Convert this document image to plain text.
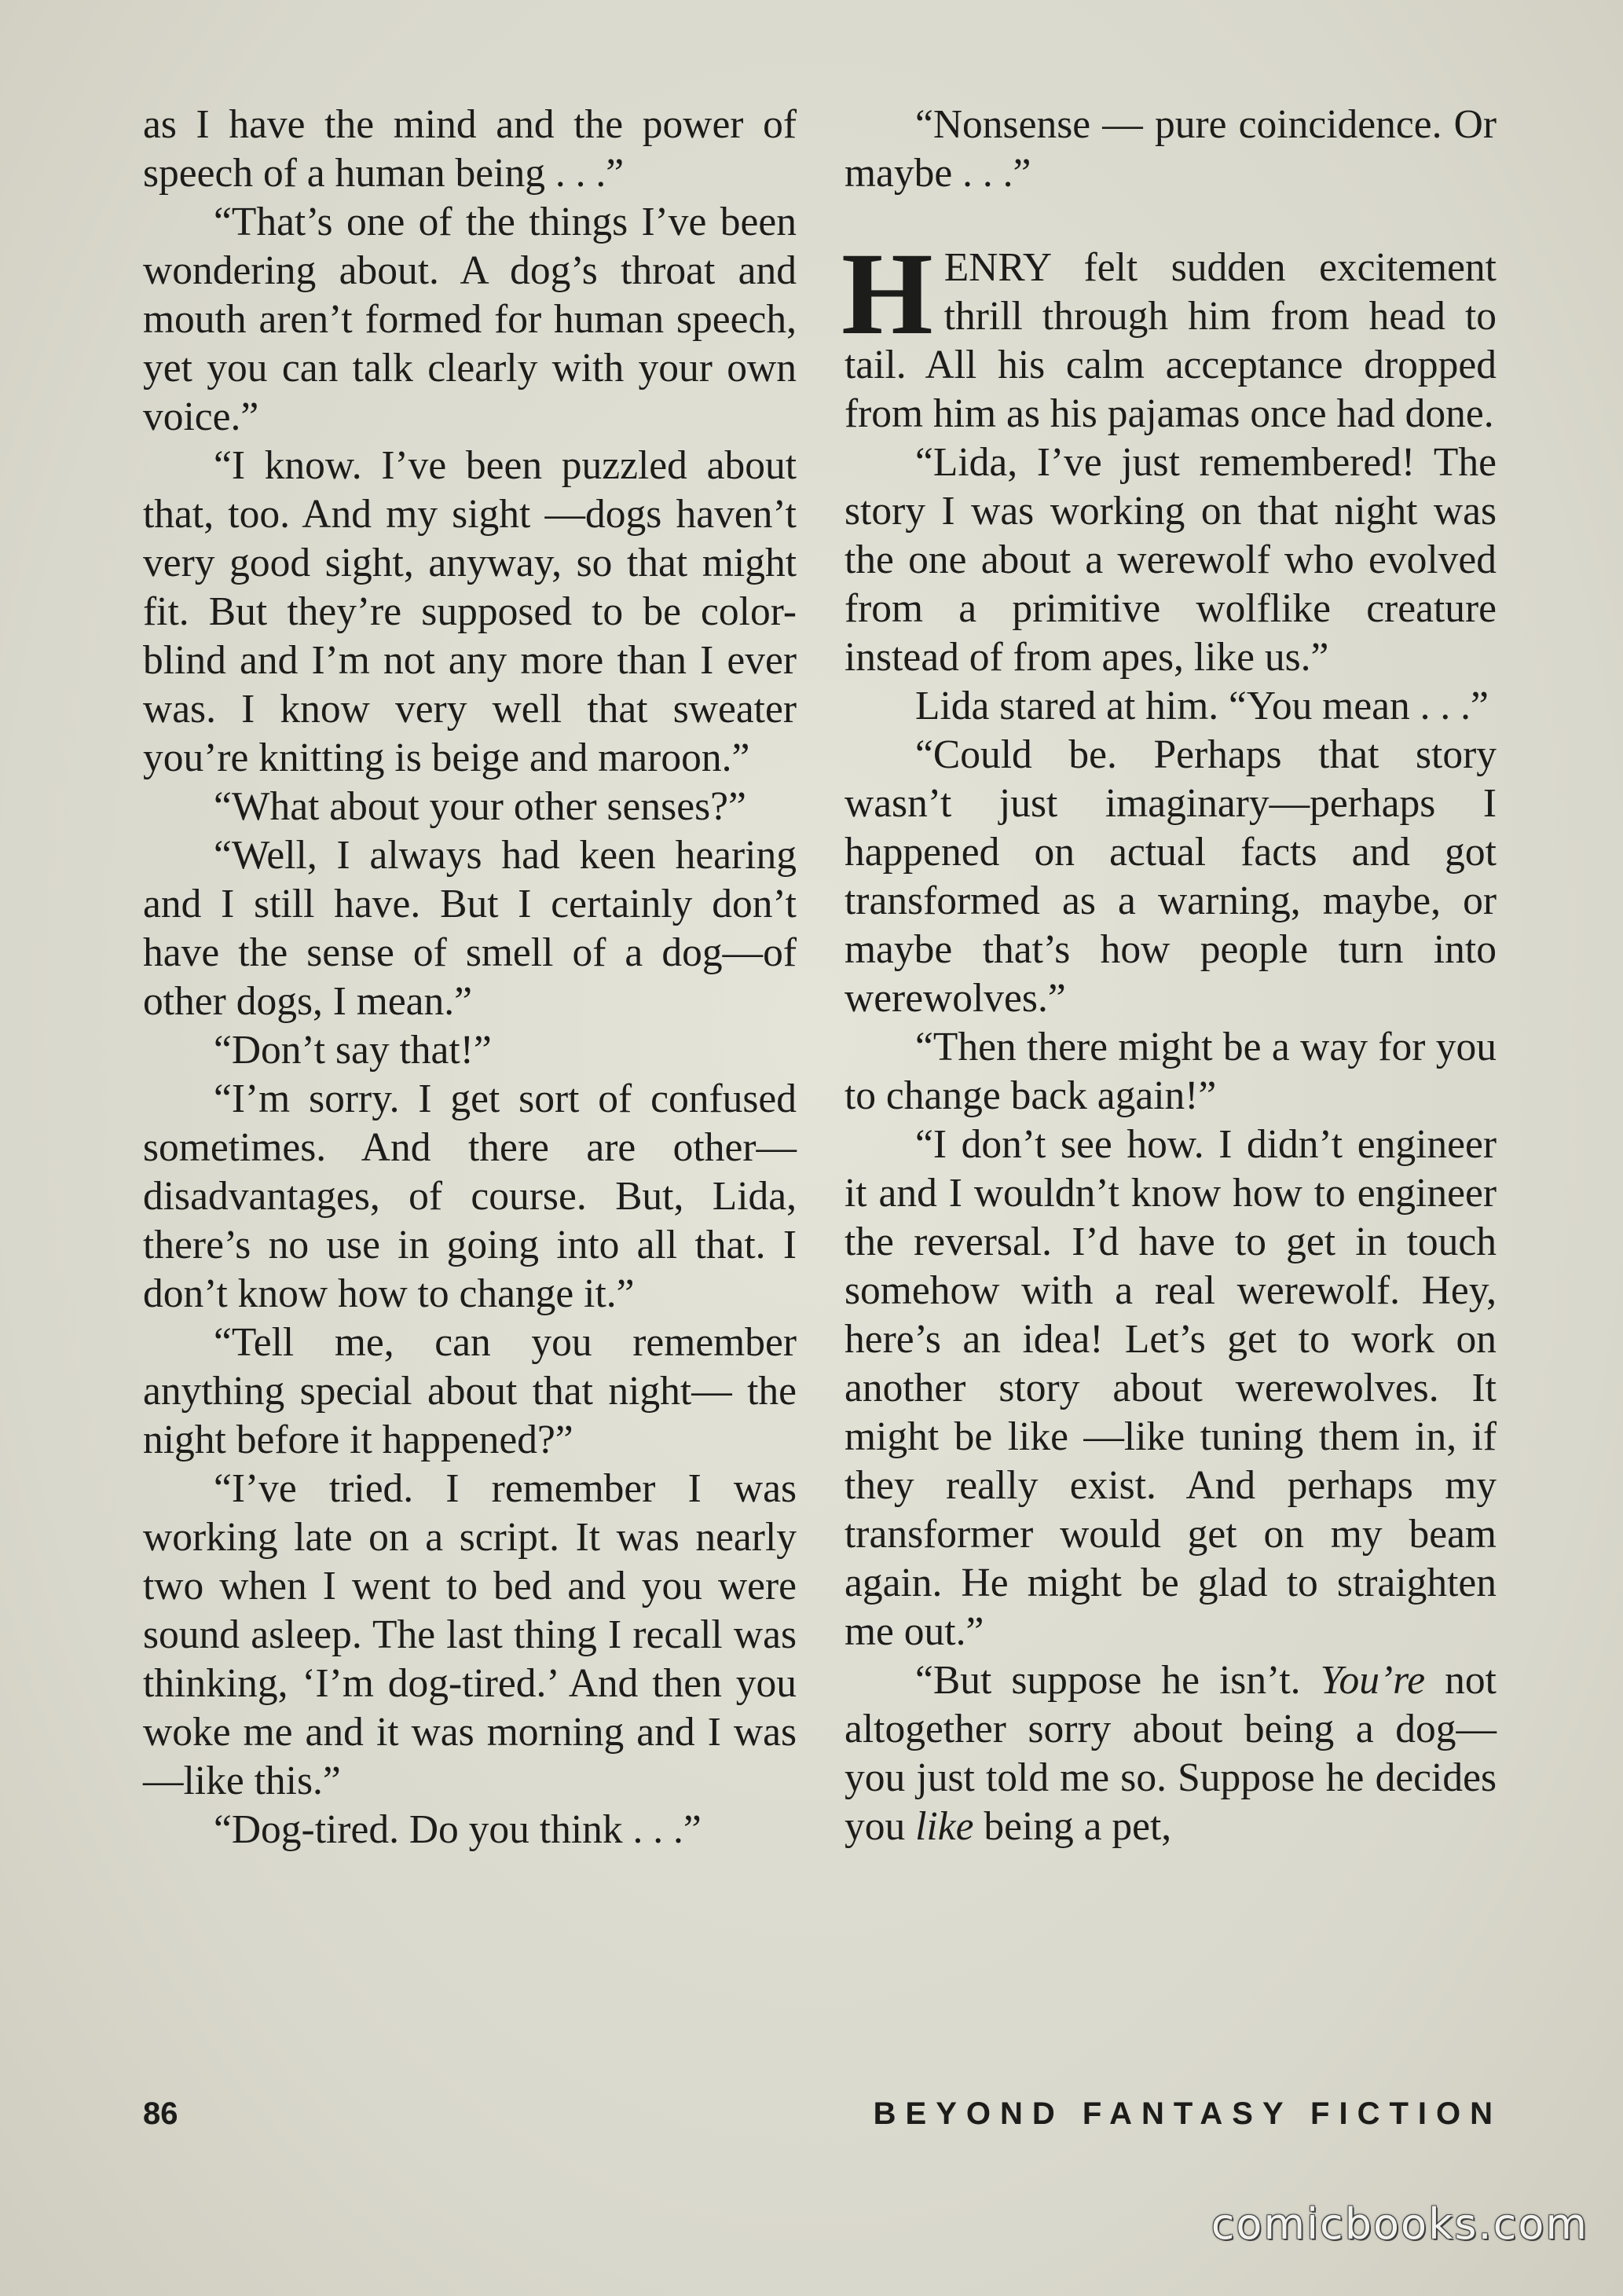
as I have the mind and the power of speech of a human being . . .”

“That’s one of the things I’ve been wondering about. A dog’s throat and mouth aren’t formed for human speech, yet you can talk clearly with your own voice.”

“I know. I’ve been puzzled about that, too. And my sight —dogs haven’t very good sight, anyway, so that might fit. But they’re supposed to be color-blind and I’m not any more than I ever was. I know very well that sweater you’re knitting is beige and maroon.”

“What about your other senses?”

“Well, I always had keen hearing and I still have. But I certainly don’t have the sense of smell of a dog—of other dogs, I mean.”

“Don’t say that!”

“I’m sorry. I get sort of confused sometimes. And there are other—disadvantages, of course. But, Lida, there’s no use in going into all that. I don’t know how to change it.”

“Tell me, can you remember anything special about that night— the night before it happened?”

“I’ve tried. I remember I was working late on a script. It was nearly two when I went to bed and you were sound asleep. The last thing I recall was thinking, ‘I’m dog-tired.’ And then you woke me and it was morning and I was —like this.”

“Dog-tired. Do you think . . .”

“Nonsense — pure coincidence. Or maybe . . .”

HENRY felt sudden excitement thrill through him from head to tail. All his calm acceptance dropped from him as his pajamas once had done.

“Lida, I’ve just remembered! The story I was working on that night was the one about a werewolf who evolved from a primitive wolflike creature instead of from apes, like us.”

Lida stared at him. “You mean . . .”

“Could be. Perhaps that story wasn’t just imaginary—perhaps I happened on actual facts and got transformed as a warning, maybe, or maybe that’s how people turn into werewolves.”

“Then there might be a way for you to change back again!”

“I don’t see how. I didn’t engineer it and I wouldn’t know how to engineer the reversal. I’d have to get in touch somehow with a real werewolf. Hey, here’s an idea! Let’s get to work on another story about werewolves. It might be like —like tuning them in, if they really exist. And perhaps my transformer would get on my beam again. He might be glad to straighten me out.”

“But suppose he isn’t. You’re not altogether sorry about being a dog—you just told me so. Suppose he decides you like being a pet,

86	BEYOND FANTASY FICTION
comicbooks.com
